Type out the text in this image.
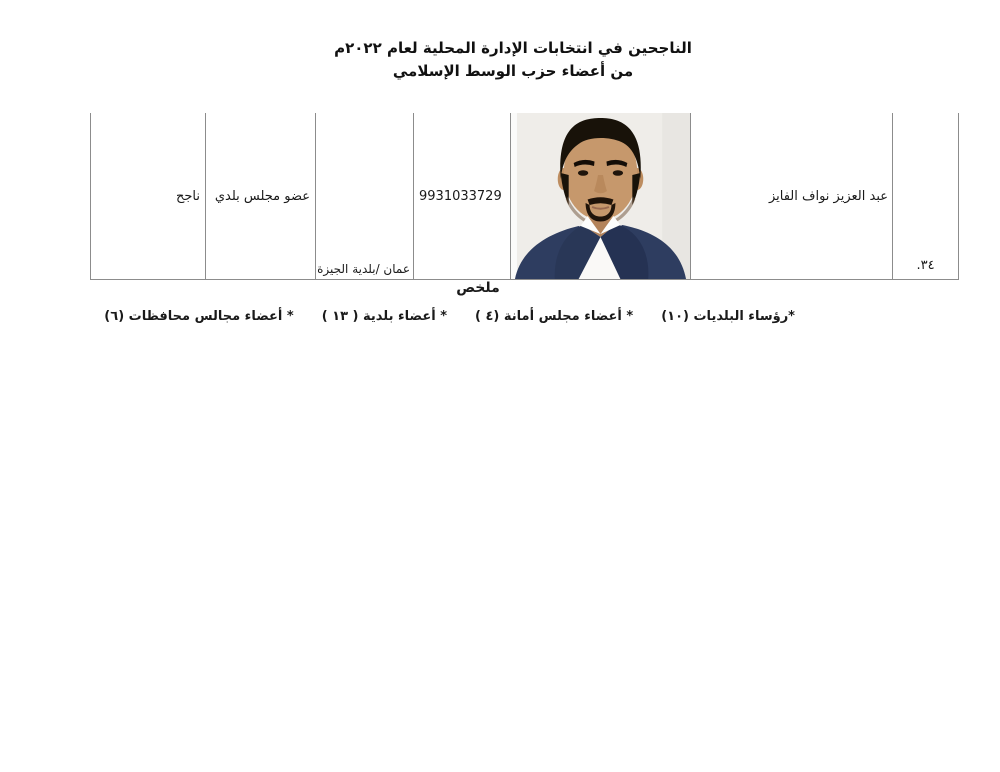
الناجحين في انتخابات الإدارة المحلية لعام ٢٠٢٢م
من أعضاء حزب الوسط الإسلامي
٣٤.
عبد العزيز نواف الفايز
9931033729
عمان /بلدية الجيزة
عضو مجلس بلدي
ناجح
ملخص
*رؤساء البلديات (١٠)
* أعضاء مجلس أمانة (٤ )
* أعضاء بلدية ( ١٣ )
* أعضاء مجالس محافظات (٦)
